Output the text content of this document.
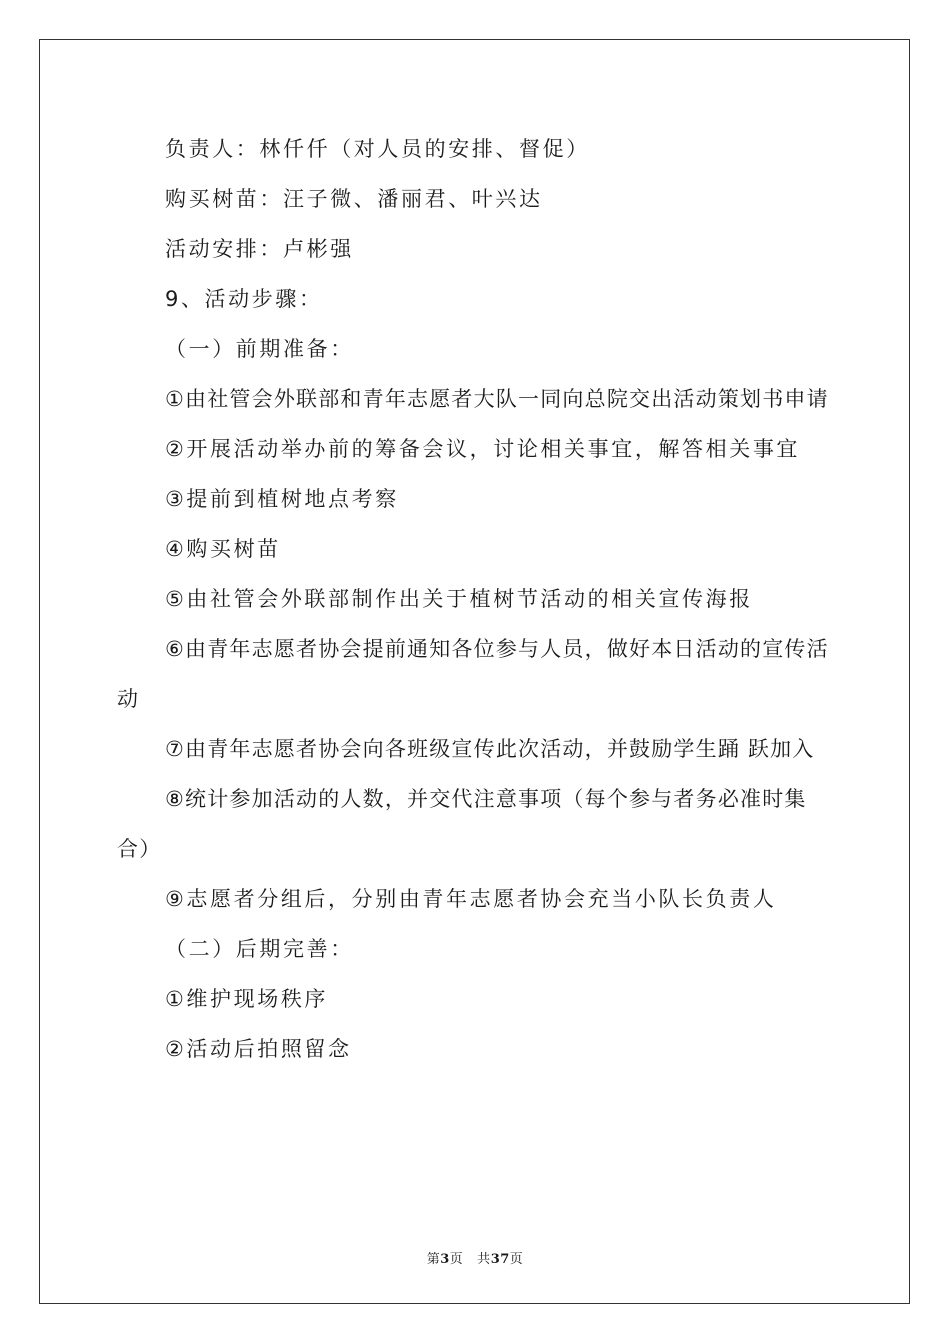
负责人：林仟仟（对人员的安排、督促）

购买树苗：汪子微、潘丽君、叶兴达

活动安排：卢彬强

9、活动步骤：

（一）前期准备：

①由社管会外联部和青年志愿者大队一同向总院交出活动策划书申请

②开展活动举办前的筹备会议，讨论相关事宜，解答相关事宜

③提前到植树地点考察

④购买树苗

⑤由社管会外联部制作出关于植树节活动的相关宣传海报

⑥由青年志愿者协会提前通知各位参与人员，做好本日活动的宣传活动

⑦由青年志愿者协会向各班级宣传此次活动，并鼓励学生踊 跃加入

⑧统计参加活动的人数，并交代注意事项（每个参与者务必准时集合）

⑨志愿者分组后，分别由青年志愿者协会充当小队长负责人

（二）后期完善：

①维护现场秩序

②活动后拍照留念

第3页 共37页
